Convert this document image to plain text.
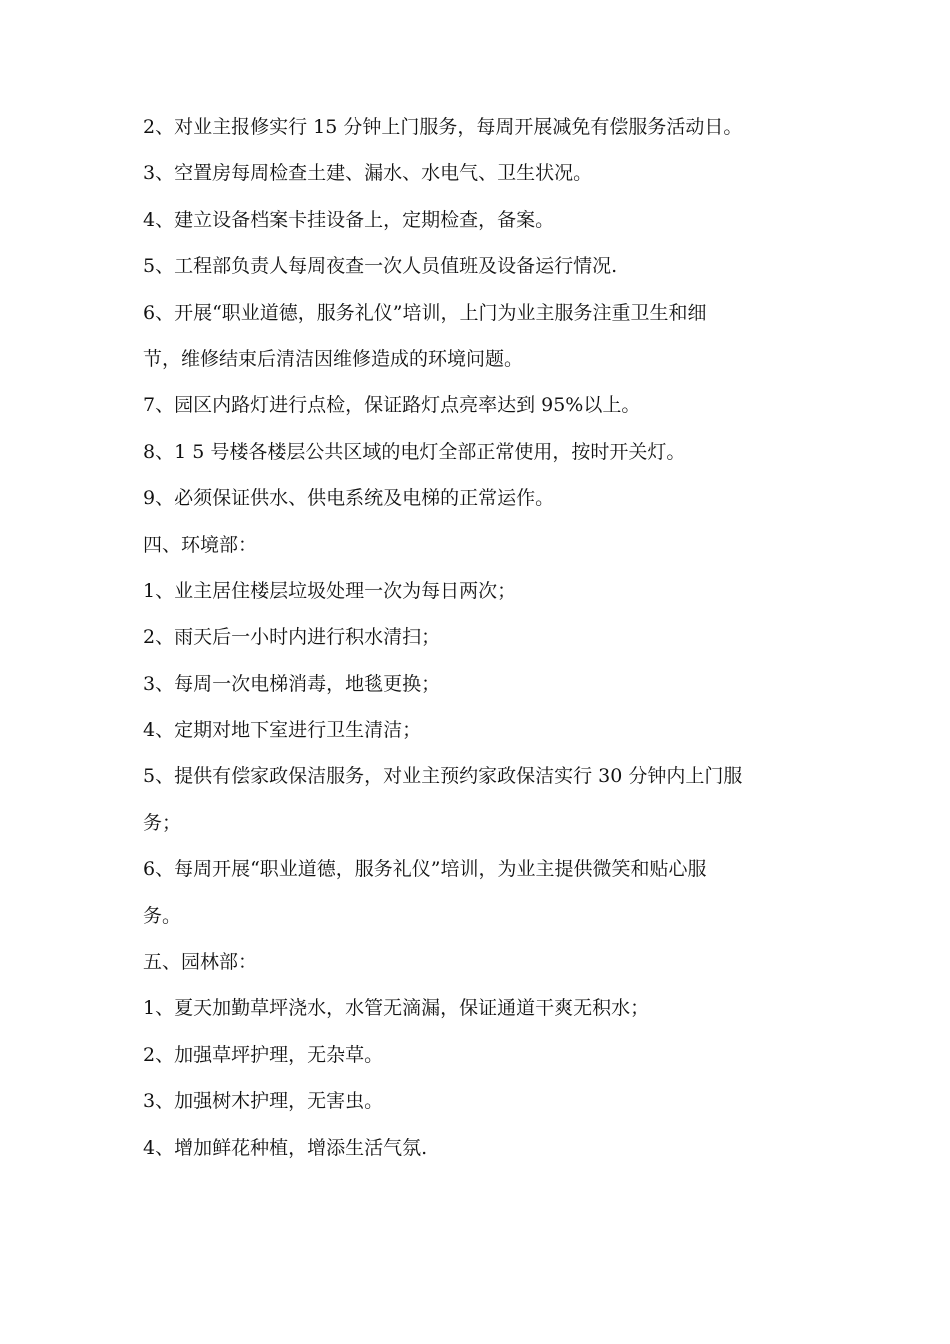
2、对业主报修实行 15 分钟上门服务，每周开展减免有偿服务活动日。
3、空置房每周检查土建、漏水、水电气、卫生状况。
4、建立设备档案卡挂设备上，定期检查，备案。
5、工程部负责人每周夜查一次人员值班及设备运行情况.
6、开展“职业道德，服务礼仪”培训，上门为业主服务注重卫生和细
节，维修结束后清洁因维修造成的环境问题。
7、园区内路灯进行点检，保证路灯点亮率达到 95%以上。
8、1 5 号楼各楼层公共区域的电灯全部正常使用，按时开关灯。
9、必须保证供水、供电系统及电梯的正常运作。
四、环境部：
1、业主居住楼层垃圾处理一次为每日两次；
2、雨天后一小时内进行积水清扫；
3、每周一次电梯消毒，地毯更换；
4、定期对地下室进行卫生清洁；
5、提供有偿家政保洁服务，对业主预约家政保洁实行 30 分钟内上门服
务；
6、每周开展“职业道德，服务礼仪”培训，为业主提供微笑和贴心服
务。
五、园林部：
1、夏天加勤草坪浇水，水管无滴漏，保证通道干爽无积水；
2、加强草坪护理，无杂草。
3、加强树木护理，无害虫。
4、增加鲜花种植，增添生活气氛.
